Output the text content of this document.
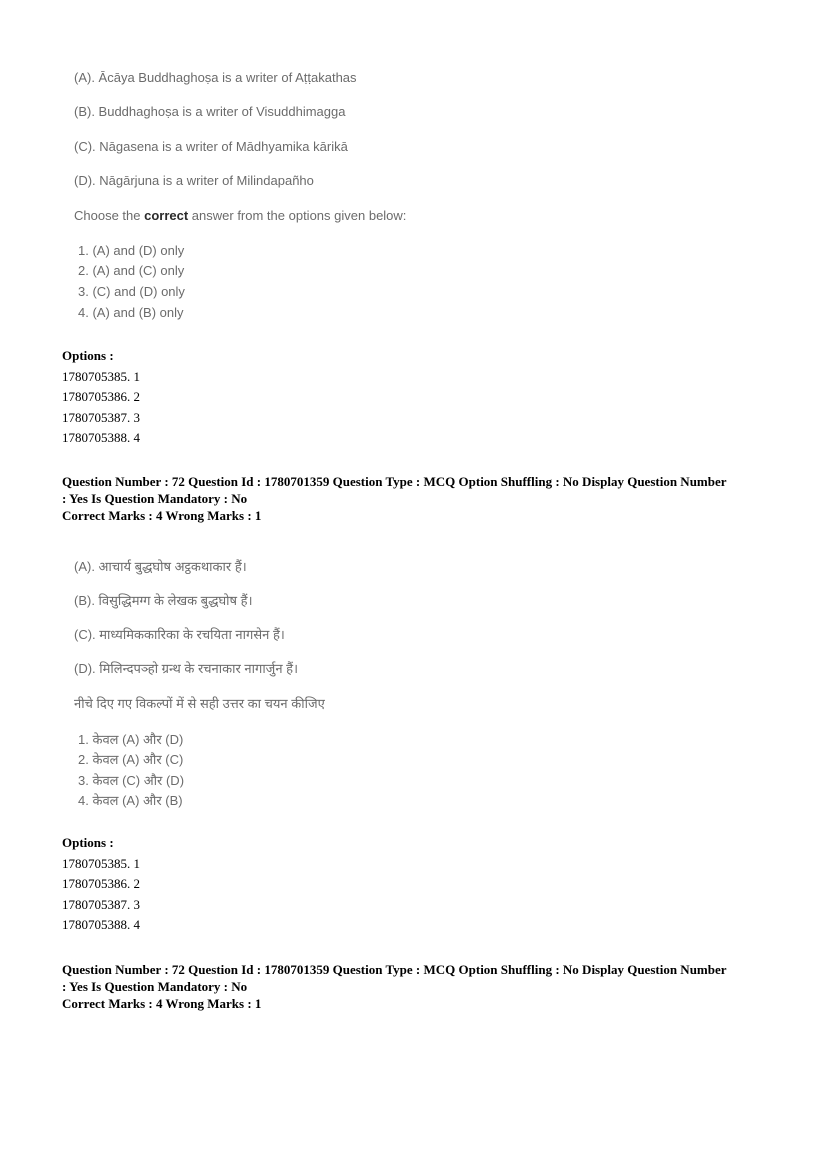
(A). Ācāya Buddhaghoṣa is a writer of Aṭṭakathas
(B). Buddhaghoṣa is a writer of Visuddhimagga
(C). Nāgasena is a writer of Mādhyamika kārikā
(D). Nāgārjuna is a writer of Milindapañho
Choose the correct answer from the options given below:
1. (A) and (D) only
2. (A) and (C) only
3. (C) and (D) only
4. (A) and (B) only
Options :
1780705385. 1
1780705386. 2
1780705387. 3
1780705388. 4
Question Number : 72 Question Id : 1780701359 Question Type : MCQ Option Shuffling : No Display Question Number
: Yes Is Question Mandatory : No
Correct Marks : 4 Wrong Marks : 1
(A). आचार्य बुद्धघोष अट्ठकथाकार हैं।
(B). विसुद्धिमग्ग के लेखक बुद्धघोष हैं।
(C). माध्यमिककारिका के रचयिता नागसेन हैं।
(D). मिलिन्दपञ्हो ग्रन्थ के रचनाकार नागार्जुन हैं।
नीचे दिए गए विकल्पों में से सही उत्तर का चयन कीजिए
1. केवल (A) और (D)
2. केवल (A) और (C)
3. केवल (C) और (D)
4. केवल (A) और (B)
Options :
1780705385. 1
1780705386. 2
1780705387. 3
1780705388. 4
Question Number : 72 Question Id : 1780701359 Question Type : MCQ Option Shuffling : No Display Question Number
: Yes Is Question Mandatory : No
Correct Marks : 4 Wrong Marks : 1
